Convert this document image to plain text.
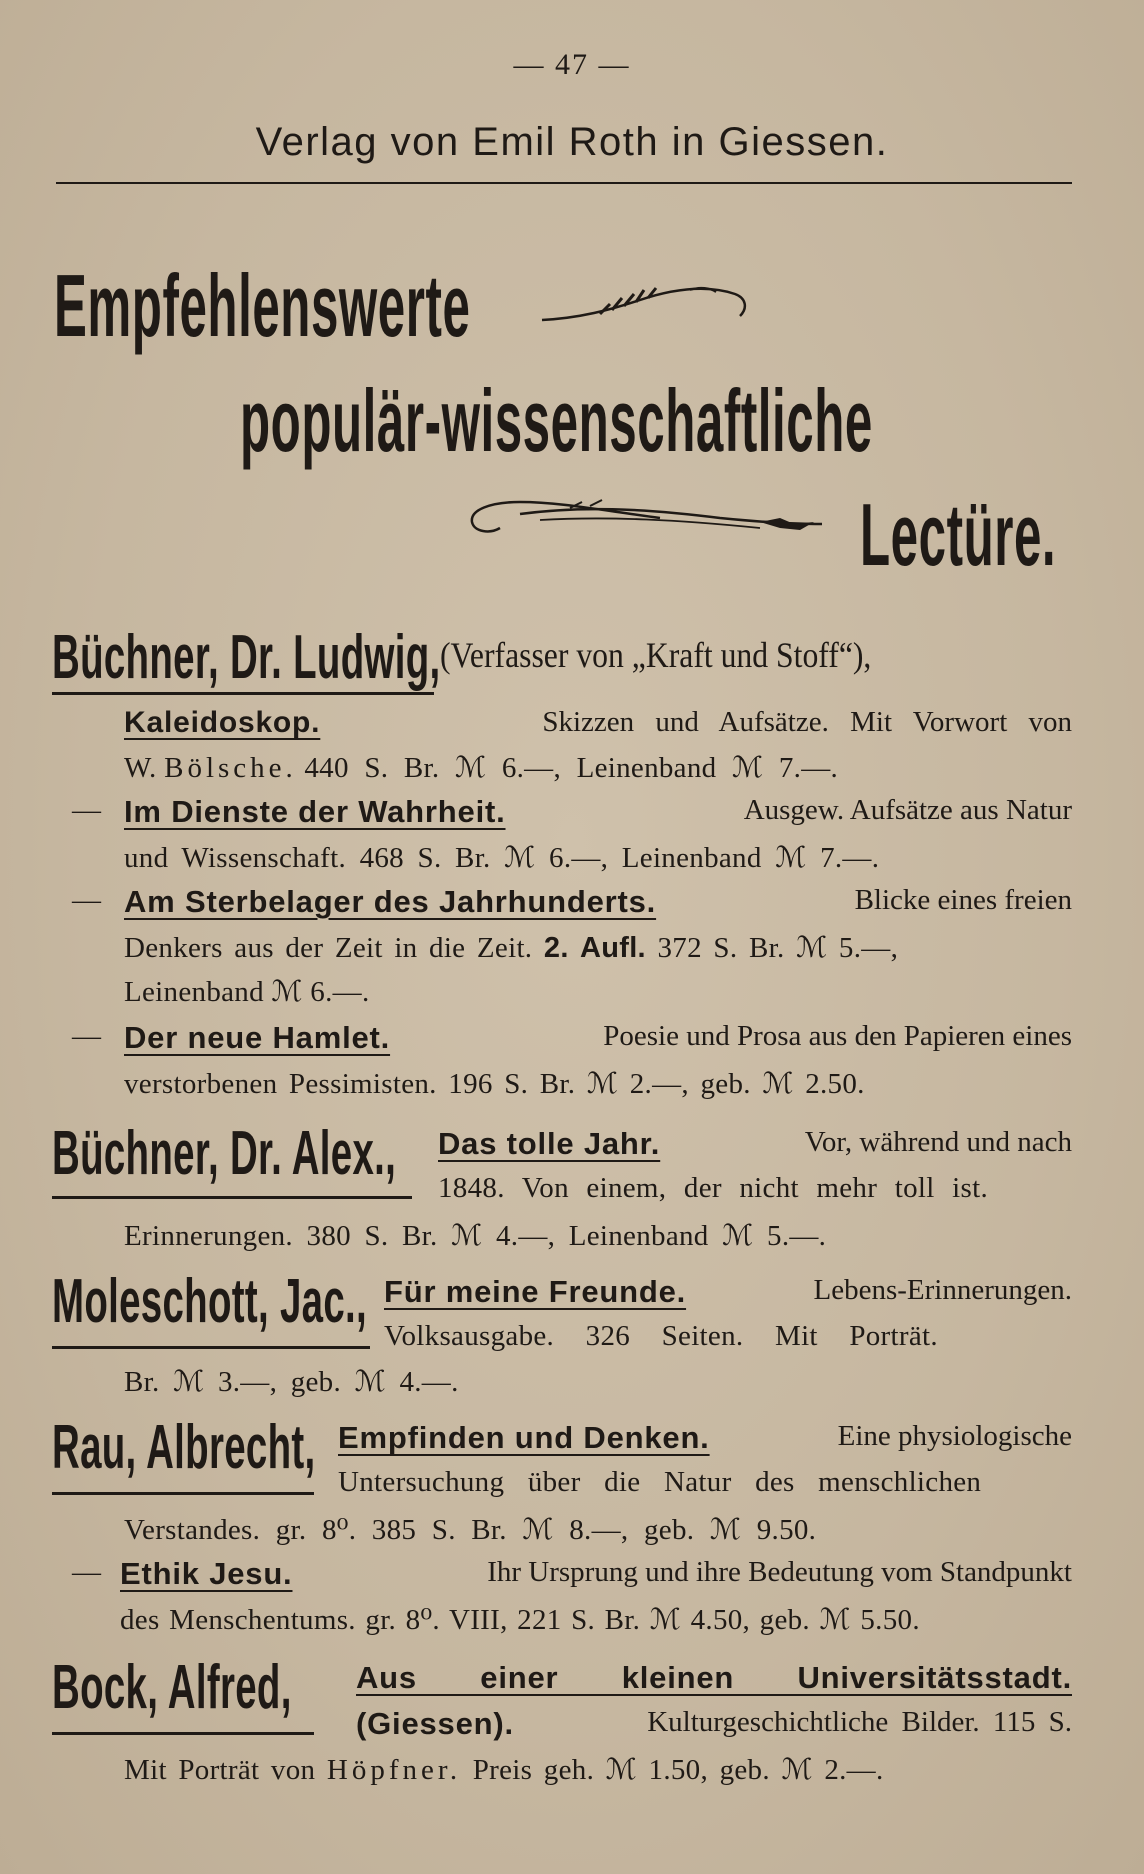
— 47 —
Verlag von Emil Roth in Giessen.
Empfehlenswerte
populär-wissenschaftliche
Lectüre.
Büchner, Dr. Ludwig, (Verfasser von „Kraft und Stoff“),
Kaleidoskop.	Skizzen und Aufsätze. Mit Vorwort von
W. Bölsche. 440 S. Br. ℳ 6.—, Leinenband ℳ 7.—.
— Im Dienste der Wahrheit.	Ausgew. Aufsätze aus Natur
und Wissenschaft. 468 S. Br. ℳ 6.—, Leinenband ℳ 7.—.
— Am Sterbelager des Jahrhunderts.	Blicke eines freien
Denkers aus der Zeit in die Zeit. 2. Aufl. 372 S. Br. ℳ 5.—,
Leinenband ℳ 6.—.
— Der neue Hamlet.	Poesie und Prosa aus den Papieren eines
verstorbenen Pessimisten. 196 S. Br. ℳ 2.—, geb. ℳ 2.50.
Büchner, Dr. Alex.,	Das tolle Jahr.	Vor, während und nach
1848. Von einem, der nicht mehr toll ist.
Erinnerungen. 380 S. Br. ℳ 4.—, Leinenband ℳ 5.—.
Moleschott, Jac., Für meine Freunde.	Lebens-Erinnerungen.
Volksausgabe. 326 Seiten. Mit Porträt.
Br. ℳ 3.—, geb. ℳ 4.—.
Rau, Albrecht, Empfinden und Denken.	Eine physiologische
Untersuchung über die Natur des menschlichen
Verstandes. gr. 8⁰. 385 S. Br. ℳ 8.—, geb. ℳ 9.50.
— Ethik Jesu.	Ihr Ursprung und ihre Bedeutung vom Standpunkt
des Menschentums. gr. 8⁰. VIII, 221 S. Br. ℳ 4.50, geb. ℳ 5.50.
Bock, Alfred,	Aus einer kleinen Universitätsstadt.
(Giessen).	Kulturgeschichtliche Bilder. 115 S.
Mit Porträt von Höpfner. Preis geh. ℳ 1.50, geb. ℳ 2.—.
